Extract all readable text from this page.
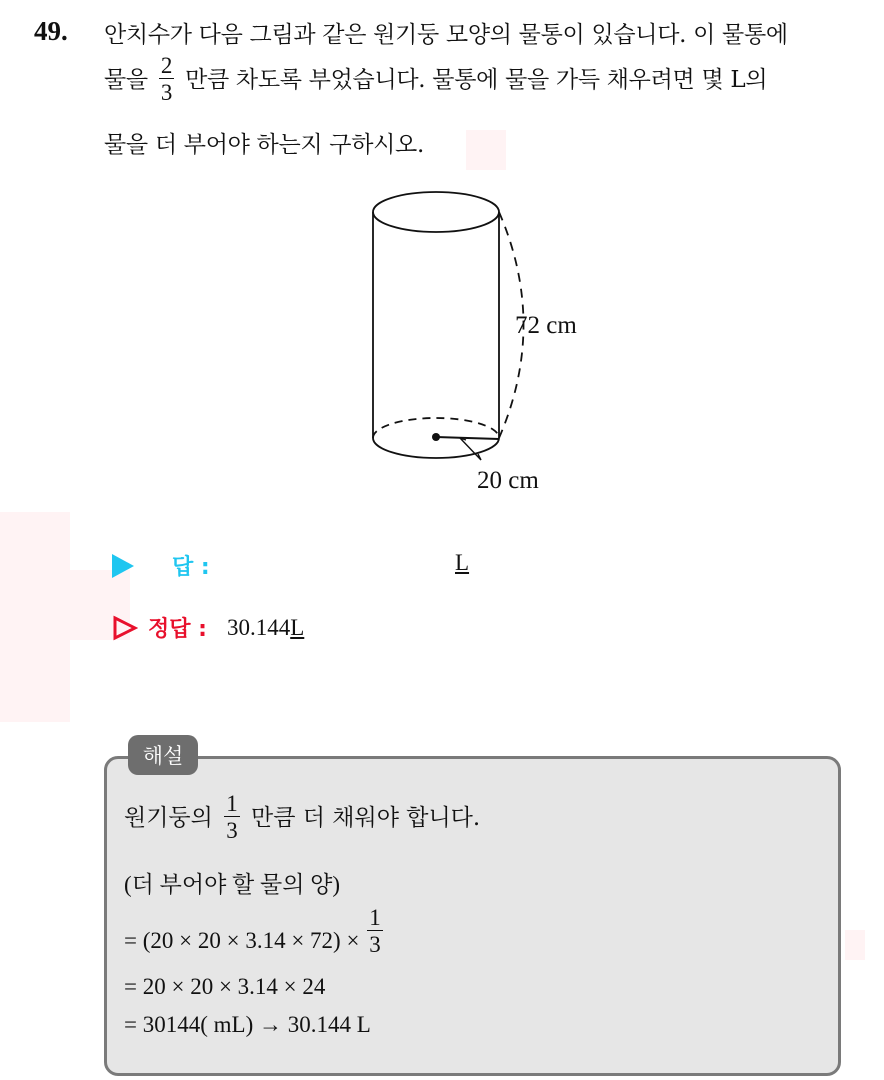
49. 안치수가 다음 그림과 같은 원기둥 모양의 물통이 있습니다. 이 물통에
물을 $\frac{2}{3}$ 만큼 차도록 부었습니다. 물통에 물을 가득 채우려면 몇 L의
물을 더 부어야 하는지 구하시오.
72 cm
20 cm
답 :	L
정답 : 30.144 L
해설
원기둥의 $\frac{1}{3}$ 만큼 더 채워야 합니다.
(더 부어야 할 물의 양)
= $(20 \times 20 \times 3.14 \times 72) \times \frac{1}{3}$
= 20 × 20 × 3.14 × 24
= 30144( mL) → 30.144 L
